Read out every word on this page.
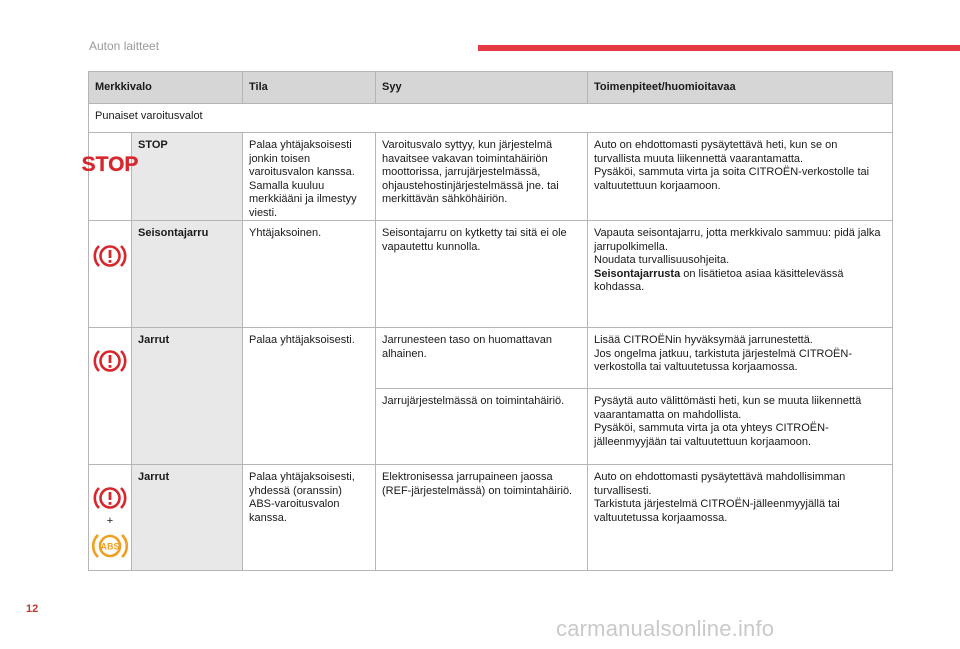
Auton laitteet
Merkkivalo		Tila	Syy	Toimenpiteet/huomioitavaa
Punaiset varoitusvalot				

STOP	STOP	Palaa yhtäjaksoisesti jonkin toisen varoitusvalon kanssa. Samalla kuuluu merkkiääni ja ilmestyy viesti.	Varoitusvalo syttyy, kun järjestelmä havaitsee vakavan toimintahäiriön moottorissa, jarrujärjestelmässä, ohjaustehostinjärjestelmässä jne. tai merkittävän sähköhäiriön.	Auto on ehdottomasti pysäytettävä heti, kun se on turvallista muuta liikennettä vaarantamatta.
Pysäköi, sammuta virta ja soita CITROËN-verkostolle tai valtuutettuun korjaamoon.

	Seisontajarru	Yhtäjaksoinen.	Seisontajarru on kytketty tai sitä ei ole vapautettu kunnolla.	Vapauta seisontajarru, jotta merkkivalo sammuu: pidä jalka jarrupolkimella.
Noudata turvallisuusohjeita.
Seisontajarrusta on lisätietoa asiaa käsittelevässä kohdassa.

	Jarrut	Palaa yhtäjaksoisesti.	Jarrunesteen taso on huomattavan alhainen.	Lisää CITROËNin hyväksymää jarrunestettä.
Jos ongelma jatkuu, tarkistuta järjestelmä CITROËN-verkostolla tai valtuutetussa korjaamossa.
			Jarrujärjestelmässä on toimintahäiriö.	Pysäytä auto välittömästi heti, kun se muuta liikennettä vaarantamatta on mahdollista.
Pysäköi, sammuta virta ja ota yhteys CITROËN-jälleenmyyjään tai valtuutettuun korjaamoon.

+
ABS	Jarrut	Palaa yhtäjaksoisesti, yhdessä (oranssin) ABS-varoitusvalon kanssa.	Elektronisessa jarrupaineen jaossa (REF-järjestelmässä) on toimintahäiriö.	Auto on ehdottomasti pysäytettävä mahdollisimman turvallisesti.
Tarkistuta järjestelmä CITROËN-jälleenmyyjällä tai valtuutetussa korjaamossa.
12
carmanualsonline.info
